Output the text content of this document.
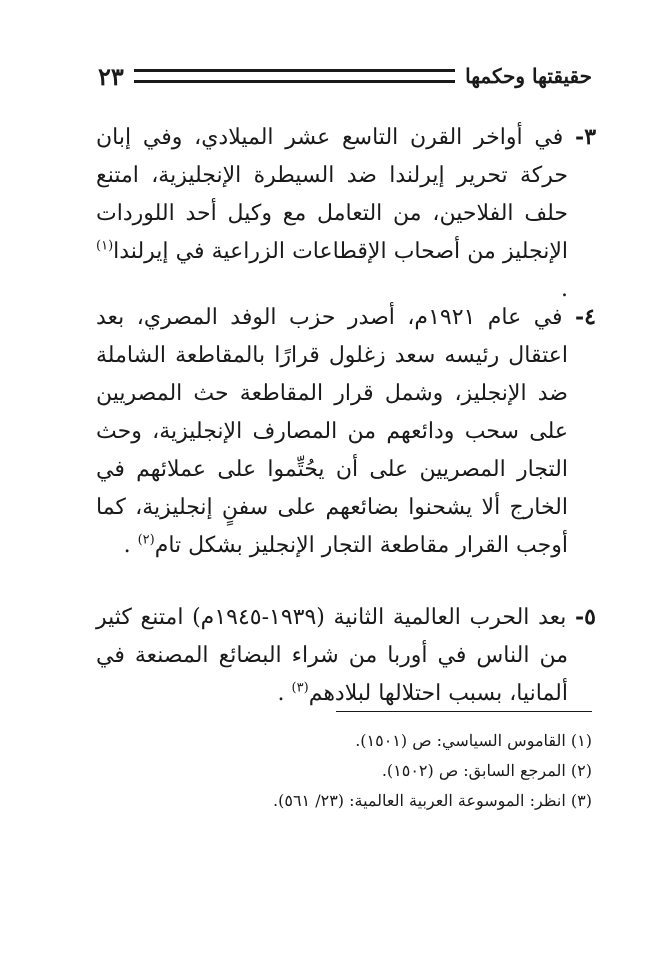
حقيقتها وحكمها
٢٣

٣- في أواخر القرن التاسع عشر الميلادي، وفي إبان حركة تحرير إيرلندا ضد السيطرة الإنجليزية، امتنع حلف الفلاحين، من التعامل مع وكيل أحد اللوردات الإنجليز من أصحاب الإقطاعات الزراعية في إيرلندا$^{(١)}$ .

٤- في عام ١٩٢١م، أصدر حزب الوفد المصري، بعد اعتقال رئيسه سعد زغلول قرارًا بالمقاطعة الشاملة ضد الإنجليز، وشمل قرار المقاطعة حث المصريين على سحب ودائعهم من المصارف الإنجليزية، وحث التجار المصريين على أن يحُتِّموا على عملائهم في الخارج ألا يشحنوا بضائعهم على سفنٍ إنجليزية، كما أوجب القرار مقاطعة التجار الإنجليز بشكل تام$^{(٢)}$ .

٥- بعد الحرب العالمية الثانية (١٩٣٩-١٩٤٥م) امتنع كثير من الناس في أوربا من شراء البضائع المصنعة في ألمانيا، بسبب احتلالها لبلادهم$^{(٣)}$ .

(١) القاموس السياسي: ص (١٥٠١).

(٢) المرجع السابق: ص (١٥٠٢).

(٣) انظر: الموسوعة العربية العالمية: (٢٣/ ٥٦١).
